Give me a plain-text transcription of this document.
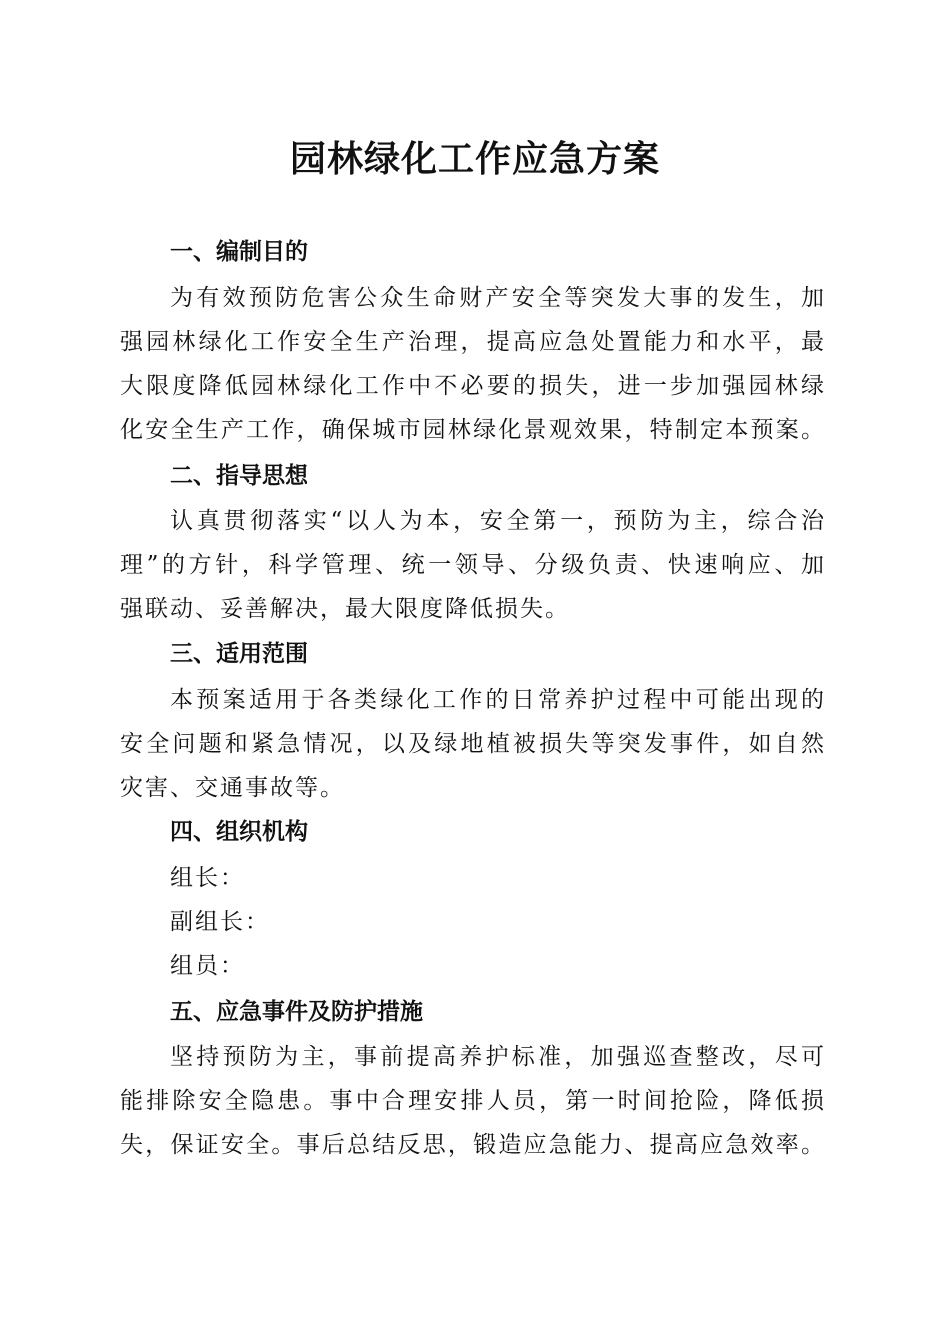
园林绿化工作应急方案
一、编制目的
为有效预防危害公众生命财产安全等突发大事的发生，加
强园林绿化工作安全生产治理，提高应急处置能力和水平，最
大限度降低园林绿化工作中不必要的损失，进一步加强园林绿
化安全生产工作，确保城市园林绿化景观效果，特制定本预案。
二、指导思想
认真贯彻落实“以人为本，安全第一，预防为主，综合治
理”的方针，科学管理、统一领导、分级负责、快速响应、加
强联动、妥善解决，最大限度降低损失。
三、适用范围
本预案适用于各类绿化工作的日常养护过程中可能出现的
安全问题和紧急情况，以及绿地植被损失等突发事件，如自然
灾害、交通事故等。
四、组织机构
组长：
副组长：
组员：
五、应急事件及防护措施
坚持预防为主，事前提高养护标准，加强巡查整改，尽可
能排除安全隐患。事中合理安排人员，第一时间抢险，降低损
失，保证安全。事后总结反思，锻造应急能力、提高应急效率。
